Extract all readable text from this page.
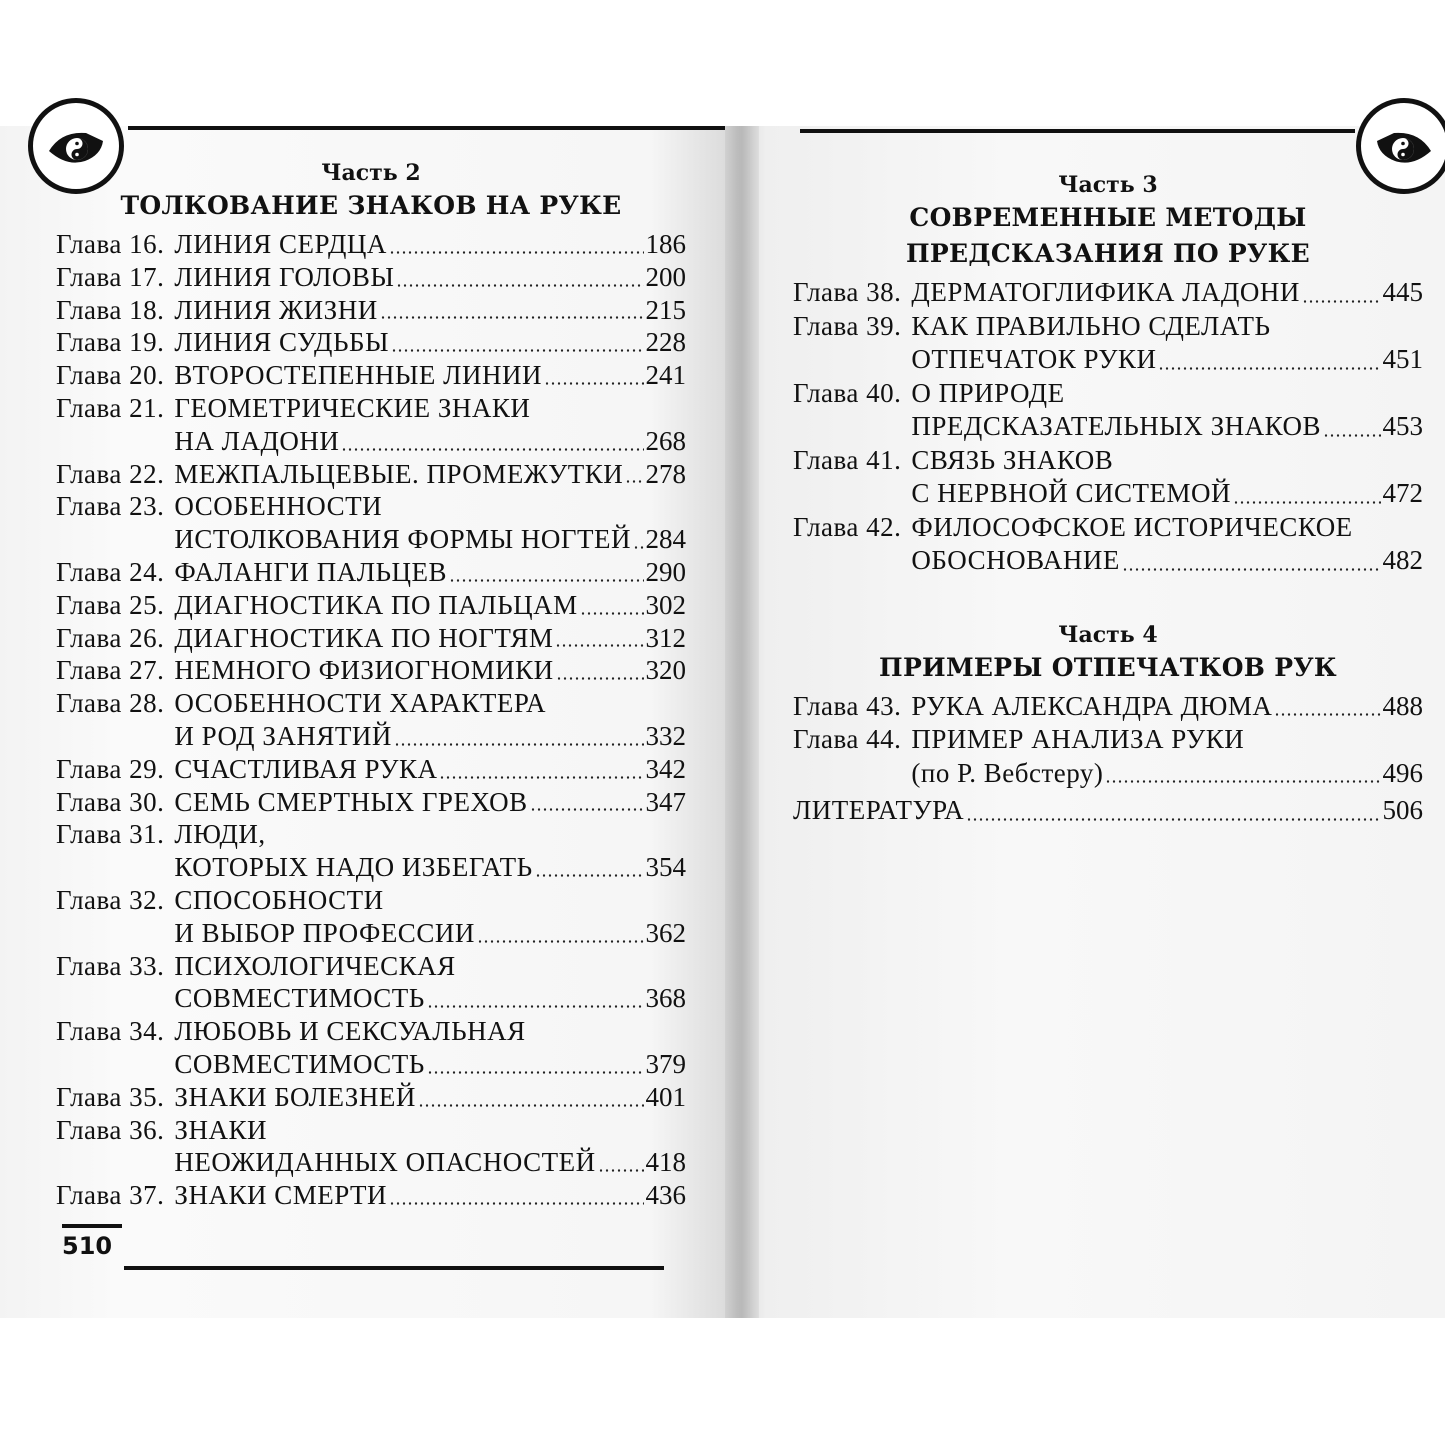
Часть 2
ТОЛКОВАНИЕ ЗНАКОВ НА РУКЕ
Глава 16. ЛИНИЯ СЕРДЦА	186
Глава 17. ЛИНИЯ ГОЛОВЫ	200
Глава 18. ЛИНИЯ ЖИЗНИ	215
Глава 19. ЛИНИЯ СУДЬБЫ	228
Глава 20. ВТОРОСТЕПЕННЫЕ ЛИНИИ	241
Глава 21. ГЕОМЕТРИЧЕСКИЕ ЗНАКИ
НА ЛАДОНИ	268
Глава 22. МЕЖПАЛЬЦЕВЫЕ. ПРОМЕЖУТКИ 278
Глава 23. ОСОБЕННОСТИ
ИСТОЛКОВАНИЯ ФОРМЫ НОГТЕЙ 284
Глава 24. ФАЛАНГИ ПАЛЬЦЕВ	290
Глава 25. ДИАГНОСТИКА ПО ПАЛЬЦАМ	302
Глава 26. ДИАГНОСТИКА ПО НОГТЯМ	312
Глава 27. НЕМНОГО ФИЗИОГНОМИКИ	320
Глава 28. ОСОБЕННОСТИ ХАРАКТЕРА
И РОД ЗАНЯТИЙ	332
Глава 29. СЧАСТЛИВАЯ РУКА	342
Глава 30. СЕМЬ СМЕРТНЫХ ГРЕХОВ	347
Глава 31. ЛЮДИ,
КОТОРЫХ НАДО ИЗБЕГАТЬ	354
Глава 32. СПОСОБНОСТИ
И ВЫБОР ПРОФЕССИИ	362
Глава 33. ПСИХОЛОГИЧЕСКАЯ
СОВМЕСТИМОСТЬ	368
Глава 34. ЛЮБОВЬ И СЕКСУАЛЬНАЯ
СОВМЕСТИМОСТЬ	379
Глава 35. ЗНАКИ БОЛЕЗНЕЙ	401
Глава 36. ЗНАКИ
НЕОЖИДАННЫХ ОПАСНОСТЕЙ 418
Глава 37. ЗНАКИ СМЕРТИ	436
510
Часть 3
СОВРЕМЕННЫЕ МЕТОДЫ
ПРЕДСКАЗАНИЯ ПО РУКЕ
Глава 38. ДЕРМАТОГЛИФИКА ЛАДОНИ	445
Глава 39. КАК ПРАВИЛЬНО СДЕЛАТЬ
ОТПЕЧАТОК РУКИ	451
Глава 40. О ПРИРОДЕ
ПРЕДСКАЗАТЕЛЬНЫХ ЗНАКОВ 453
Глава 41. СВЯЗЬ ЗНАКОВ
С НЕРВНОЙ СИСТЕМОЙ	472
Глава 42. ФИЛОСОФСКОЕ ИСТОРИЧЕСКОЕ
ОБОСНОВАНИЕ	482
Часть 4
ПРИМЕРЫ ОТПЕЧАТКОВ РУК
Глава 43. РУКА АЛЕКСАНДРА ДЮМА	488
Глава 44. ПРИМЕР АНАЛИЗА РУКИ
(по Р. Вебстеру)	496
ЛИТЕРАТУРА	506
